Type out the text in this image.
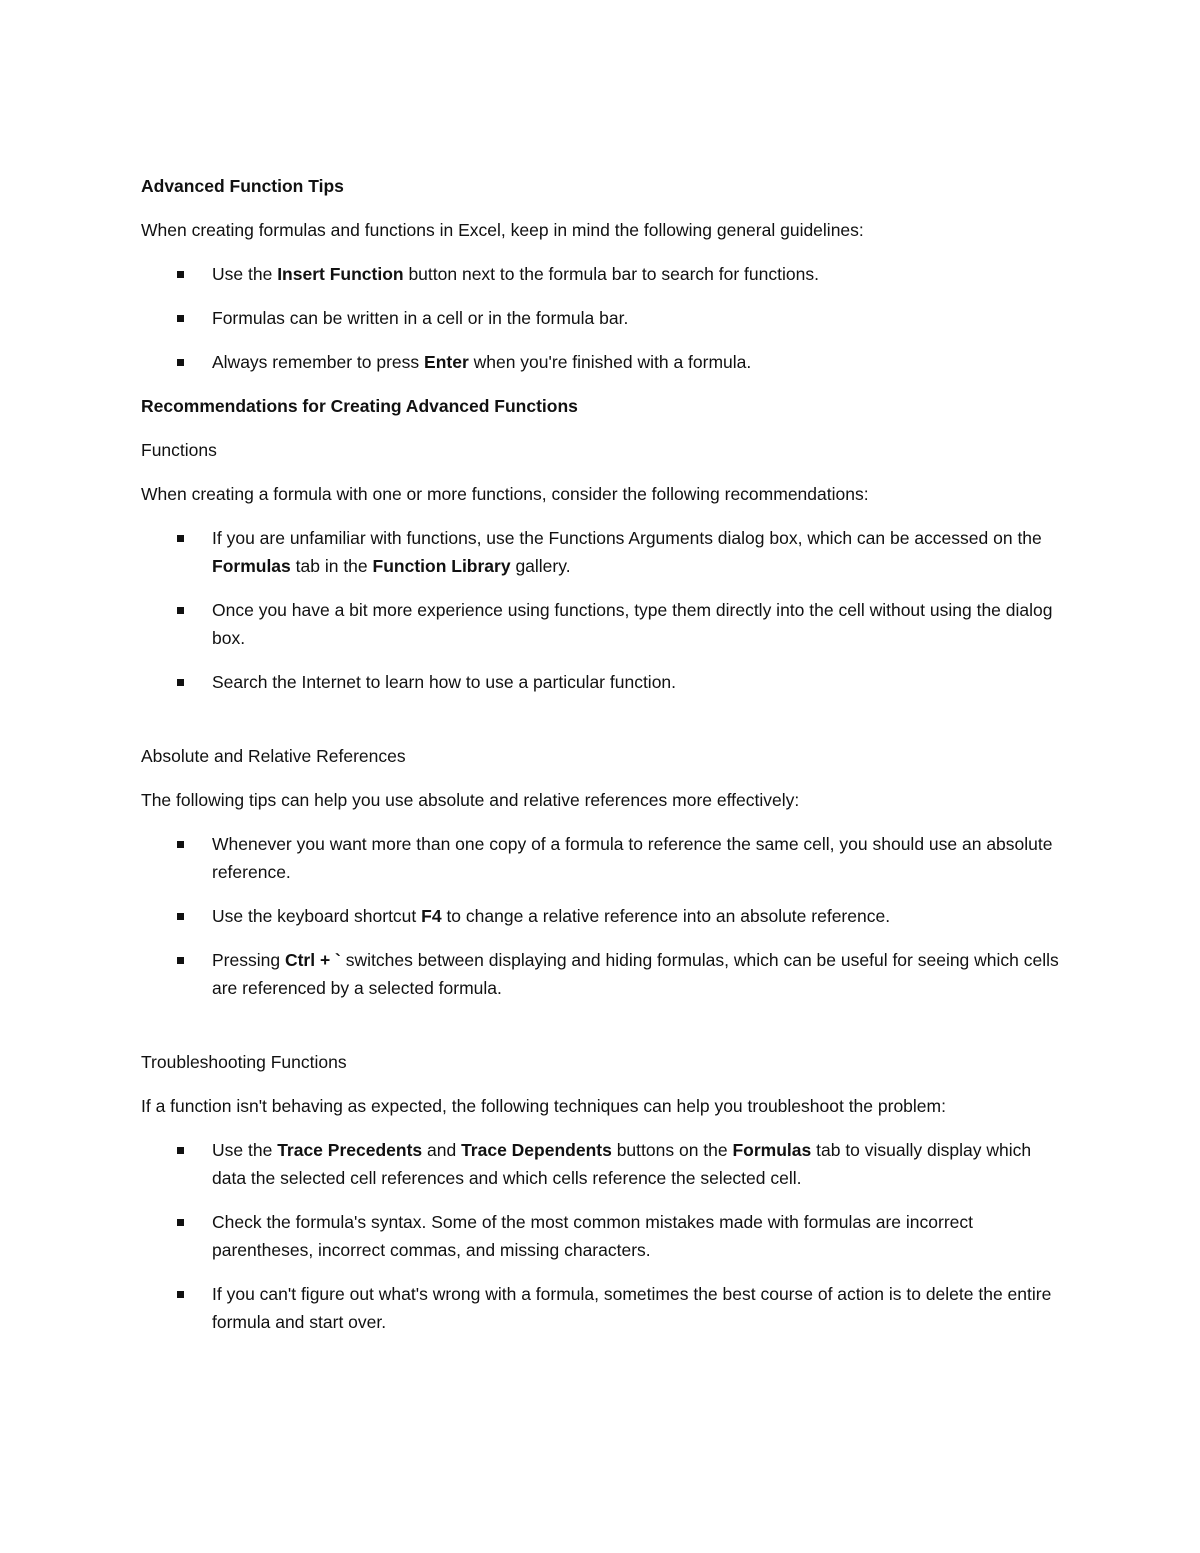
Advanced Function Tips

When creating formulas and functions in Excel, keep in mind the following general guidelines:

Use the Insert Function button next to the formula bar to search for functions.
Formulas can be written in a cell or in the formula bar.
Always remember to press Enter when you're finished with a formula.

Recommendations for Creating Advanced Functions

Functions

When creating a formula with one or more functions, consider the following recommendations:

If you are unfamiliar with functions, use the Functions Arguments dialog box, which can be accessed on the Formulas tab in the Function Library gallery.
Once you have a bit more experience using functions, type them directly into the cell without using the dialog box.
Search the Internet to learn how to use a particular function.

Absolute and Relative References

The following tips can help you use absolute and relative references more effectively:

Whenever you want more than one copy of a formula to reference the same cell, you should use an absolute reference.
Use the keyboard shortcut F4 to change a relative reference into an absolute reference.
Pressing Ctrl + ` switches between displaying and hiding formulas, which can be useful for seeing which cells are referenced by a selected formula.

Troubleshooting Functions

If a function isn't behaving as expected, the following techniques can help you troubleshoot the problem:

Use the Trace Precedents and Trace Dependents buttons on the Formulas tab to visually display which data the selected cell references and which cells reference the selected cell.
Check the formula's syntax. Some of the most common mistakes made with formulas are incorrect parentheses, incorrect commas, and missing characters.
If you can't figure out what's wrong with a formula, sometimes the best course of action is to delete the entire formula and start over.
